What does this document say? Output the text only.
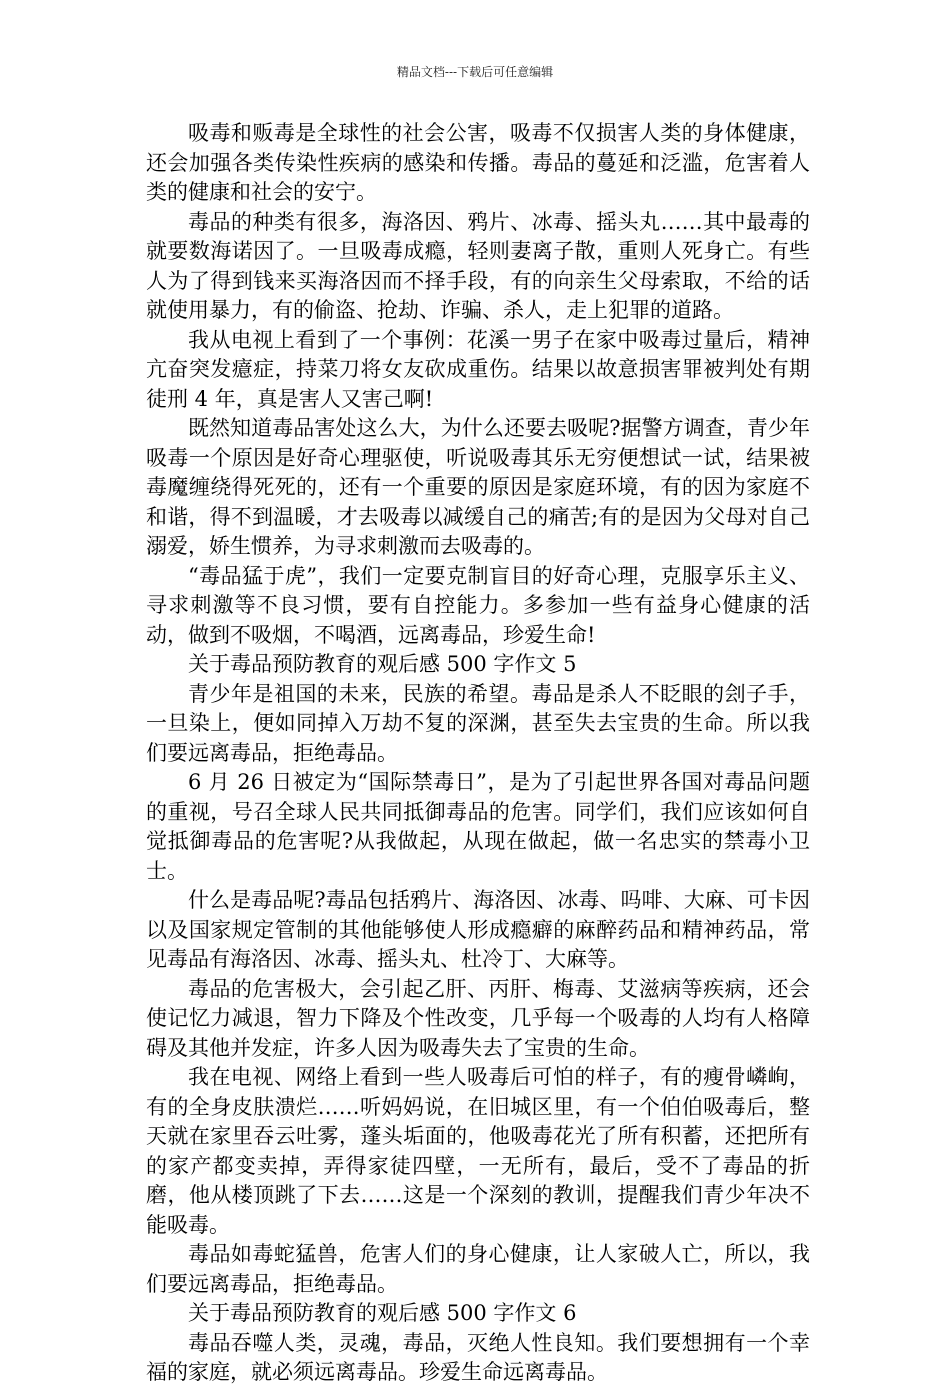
精品文档---下载后可任意编辑

吸毒和贩毒是全球性的社会公害，吸毒不仅损害人类的身体健康，还会加强各类传染性疾病的感染和传播。毒品的蔓延和泛滥，危害着人类的健康和社会的安宁。

毒品的种类有很多，海洛因、鸦片、冰毒、摇头丸……其中最毒的就要数海诺因了。一旦吸毒成瘾，轻则妻离子散，重则人死身亡。有些人为了得到钱来买海洛因而不择手段，有的向亲生父母索取，不给的话就使用暴力，有的偷盗、抢劫、诈骗、杀人，走上犯罪的道路。

我从电视上看到了一个事例：花溪一男子在家中吸毒过量后，精神亢奋突发癔症，持菜刀将女友砍成重伤。结果以故意损害罪被判处有期徒刑 4 年，真是害人又害己啊!

既然知道毒品害处这么大，为什么还要去吸呢?据警方调查，青少年吸毒一个原因是好奇心理驱使，听说吸毒其乐无穷便想试一试，结果被毒魔缠绕得死死的，还有一个重要的原因是家庭环境，有的因为家庭不和谐，得不到温暖，才去吸毒以减缓自己的痛苦;有的是因为父母对自己溺爱，娇生惯养，为寻求刺激而去吸毒的。

“毒品猛于虎”，我们一定要克制盲目的好奇心理，克服享乐主义、寻求刺激等不良习惯，要有自控能力。多参加一些有益身心健康的活动，做到不吸烟，不喝酒，远离毒品，珍爱生命!

关于毒品预防教育的观后感 500 字作文 5

青少年是祖国的未来，民族的希望。毒品是杀人不眨眼的刽子手，一旦染上，便如同掉入万劫不复的深渊，甚至失去宝贵的生命。所以我们要远离毒品，拒绝毒品。

6 月 26 日被定为“国际禁毒日”，是为了引起世界各国对毒品问题的重视，号召全球人民共同抵御毒品的危害。同学们，我们应该如何自觉抵御毒品的危害呢?从我做起，从现在做起，做一名忠实的禁毒小卫士。

什么是毒品呢?毒品包括鸦片、海洛因、冰毒、吗啡、大麻、可卡因以及国家规定管制的其他能够使人形成瘾癖的麻醉药品和精神药品，常见毒品有海洛因、冰毒、摇头丸、杜冷丁、大麻等。

毒品的危害极大，会引起乙肝、丙肝、梅毒、艾滋病等疾病，还会使记忆力减退，智力下降及个性改变，几乎每一个吸毒的人均有人格障碍及其他并发症，许多人因为吸毒失去了宝贵的生命。

我在电视、网络上看到一些人吸毒后可怕的样子，有的瘦骨嶙峋，有的全身皮肤溃烂……听妈妈说，在旧城区里，有一个伯伯吸毒后，整天就在家里吞云吐雾，蓬头垢面的，他吸毒花光了所有积蓄，还把所有的家产都变卖掉，弄得家徒四壁，一无所有，最后，受不了毒品的折磨，他从楼顶跳了下去……这是一个深刻的教训，提醒我们青少年决不能吸毒。

毒品如毒蛇猛兽，危害人们的身心健康，让人家破人亡，所以，我们要远离毒品，拒绝毒品。

关于毒品预防教育的观后感 500 字作文 6

毒品吞噬人类，灵魂，毒品，灭绝人性良知。我们要想拥有一个幸福的家庭，就必须远离毒品。珍爱生命远离毒品。
